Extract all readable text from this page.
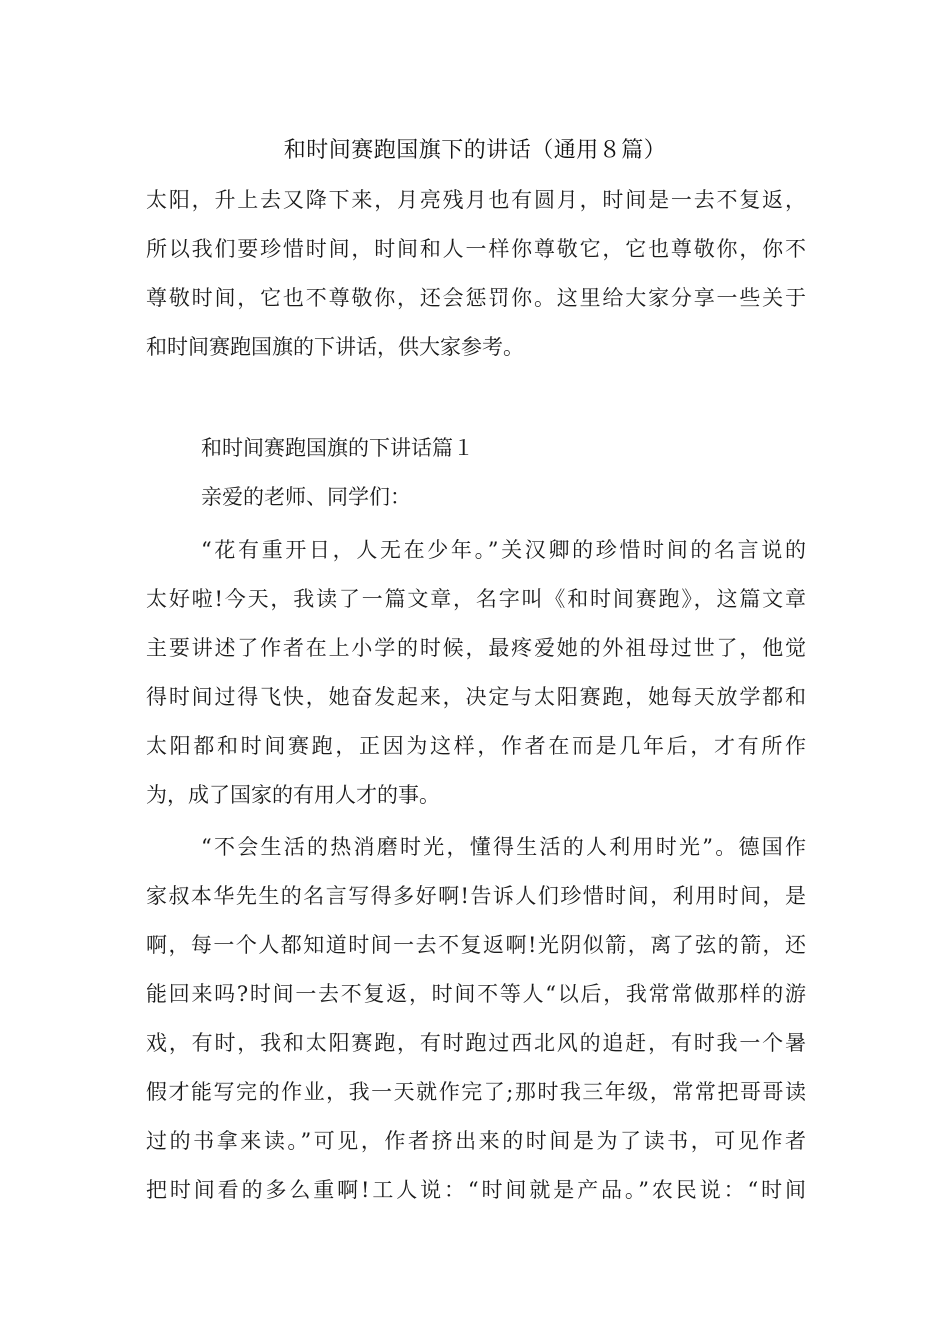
和时间赛跑国旗下的讲话（通用８篇）
太阳，升上去又降下来，月亮残月也有圆月，时间是一去不复返，
所以我们要珍惜时间，时间和人一样你尊敬它，它也尊敬你，你不
尊敬时间，它也不尊敬你，还会惩罚你。这里给大家分享一些关于
和时间赛跑国旗的下讲话，供大家参考。
和时间赛跑国旗的下讲话篇１
亲爱的老师、同学们：
“花有重开日，人无在少年。”关汉卿的珍惜时间的名言说的
太好啦!今天，我读了一篇文章，名字叫《和时间赛跑》，这篇文章
主要讲述了作者在上小学的时候，最疼爱她的外祖母过世了，他觉
得时间过得飞快，她奋发起来，决定与太阳赛跑，她每天放学都和
太阳都和时间赛跑，正因为这样，作者在而是几年后，才有所作
为，成了国家的有用人才的事。
“不会生活的热消磨时光，懂得生活的人利用时光”。德国作
家叔本华先生的名言写得多好啊!告诉人们珍惜时间，利用时间，是
啊，每一个人都知道时间一去不复返啊!光阴似箭，离了弦的箭，还
能回来吗?时间一去不复返，时间不等人“以后，我常常做那样的游
戏，有时，我和太阳赛跑，有时跑过西北风的追赶，有时我一个暑
假才能写完的作业，我一天就作完了;那时我三年级，常常把哥哥读
过的书拿来读。”可见，作者挤出来的时间是为了读书，可见作者
把时间看的多么重啊!工人说：“时间就是产品。”农民说：“时间
